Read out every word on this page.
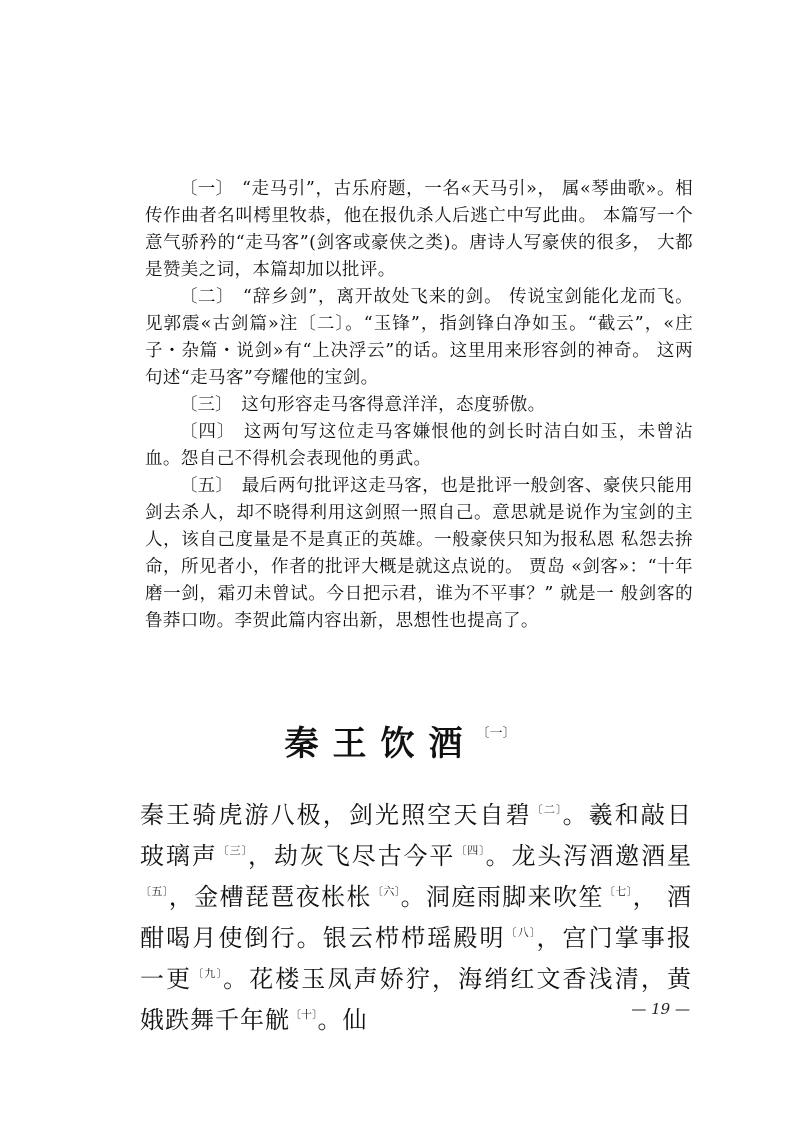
〔一〕 “走马引”，古乐府题，一名«天马引»， 属«琴曲歌»。相传作曲者名叫樗里牧恭，他在报仇杀人后逃亡中写此曲。 本篇写一个意气骄矜的“走马客”(剑客或豪侠之类)。唐诗人写豪侠的很多， 大都是赞美之词，本篇却加以批评。

〔二〕 “辞乡剑”，离开故处飞来的剑。 传说宝剑能化龙而飞。见郭震«古剑篇»注〔二〕。“玉锋”，指剑锋白净如玉。“截云”，«庄子・杂篇・说剑»有“上决浮云”的话。这里用来形容剑的神奇。 这两句述“走马客”夸耀他的宝剑。

〔三〕 这句形容走马客得意洋洋，态度骄傲。

〔四〕 这两句写这位走马客嫌恨他的剑长时洁白如玉，未曾沾血。怨自己不得机会表现他的勇武。

〔五〕 最后两句批评这走马客，也是批评一般剑客、豪侠只能用剑去杀人，却不晓得利用这剑照一照自己。意思就是说作为宝剑的主人，该自己度量是不是真正的英雄。一般豪侠只知为报私恩 私怨去拚命，所见者小，作者的批评大概是就这点说的。 贾岛 «剑客»：“十年磨一剑，霜刃未曾试。今日把示君，谁为不平事？” 就是一 般剑客的鲁莽口吻。李贺此篇内容出新，思想性也提高了。

秦王饮酒$^{〔一〕}$

秦王骑虎游八极，剑光照空天自碧$^{〔二〕}$。羲和敲日玻璃声$^{〔三〕}$，劫灰飞尽古今平$^{〔四〕}$。龙头泻酒邀酒星$^{〔五〕}$，金槽琵琶夜枨枨$^{〔六〕}$。洞庭雨脚来吹笙$^{〔七〕}$， 酒酣喝月使倒行。银云栉栉瑶殿明$^{〔八〕}$，宫门掌事报一更$^{〔九〕}$。花楼玉凤声娇狞，海绡红文香浅清，黄娥跌舞千年觥$^{〔十〕}$。仙	— 19 —
